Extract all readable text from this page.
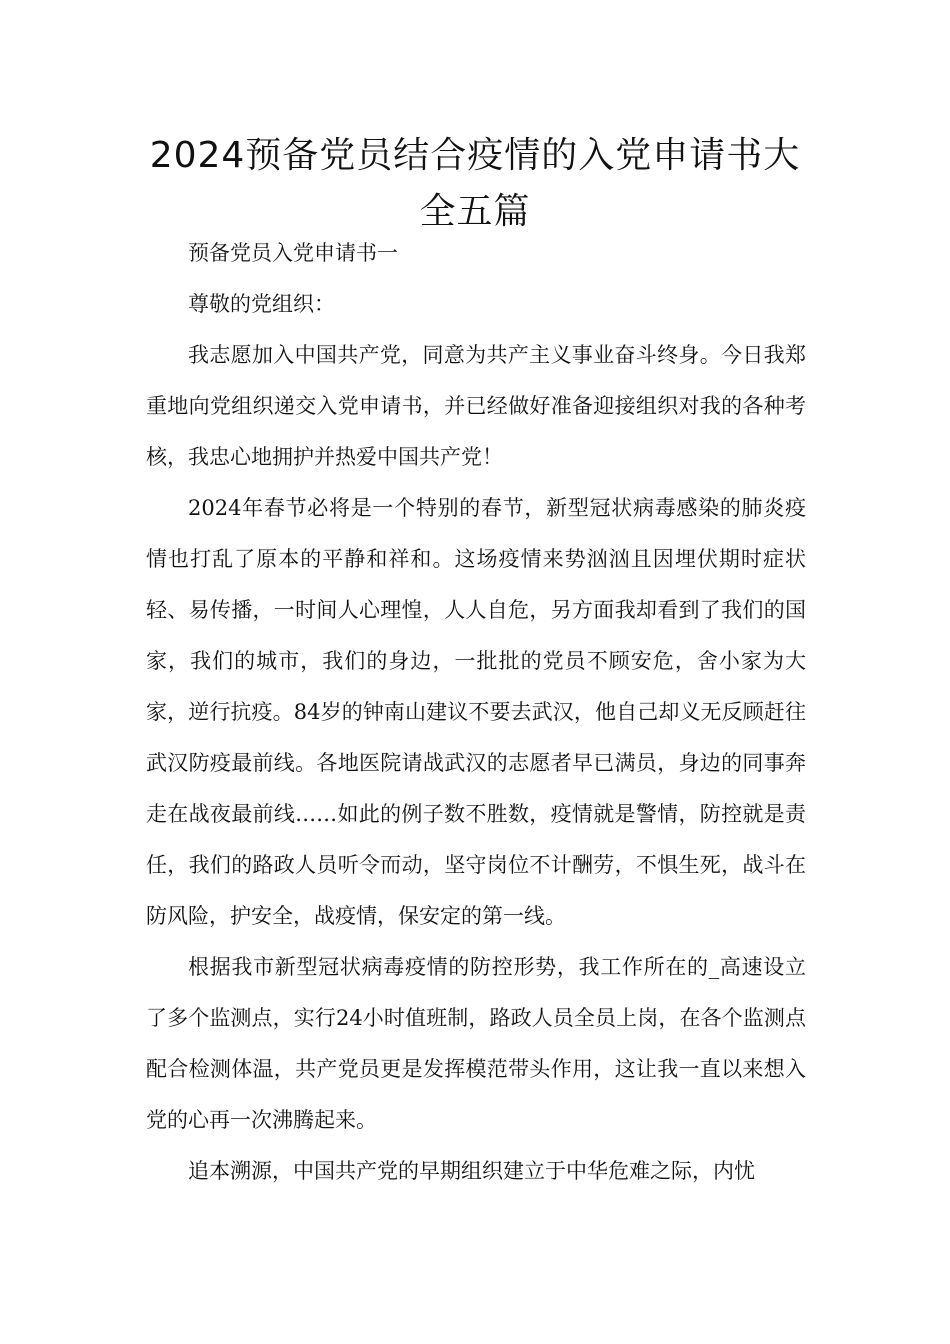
2024预备党员结合疫情的入党申请书大全五篇

预备党员入党申请书一

尊敬的党组织：

我志愿加入中国共产党，同意为共产主义事业奋斗终身。今日我郑重地向党组织递交入党申请书，并已经做好准备迎接组织对我的各种考核，我忠心地拥护并热爱中国共产党！

2024年春节必将是一个特别的春节，新型冠状病毒感染的肺炎疫情也打乱了原本的平静和祥和。这场疫情来势汹汹且因埋伏期时症状轻、易传播，一时间人心理惶，人人自危，另方面我却看到了我们的国家，我们的城市，我们的身边，一批批的党员不顾安危，舍小家为大家，逆行抗疫。84岁的钟南山建议不要去武汉，他自己却义无反顾赶往武汉防疫最前线。各地医院请战武汉的志愿者早已满员，身边的同事奔走在战夜最前线……如此的例子数不胜数，疫情就是警情，防控就是责任，我们的路政人员听令而动，坚守岗位不计酬劳，不惧生死，战斗在防风险，护安全，战疫情，保安定的第一线。

根据我市新型冠状病毒疫情的防控形势，我工作所在的_高速设立了多个监测点，实行24小时值班制，路政人员全员上岗，在各个监测点配合检测体温，共产党员更是发挥模范带头作用，这让我一直以来想入党的心再一次沸腾起来。

追本溯源，中国共产党的早期组织建立于中华危难之际，内忧
